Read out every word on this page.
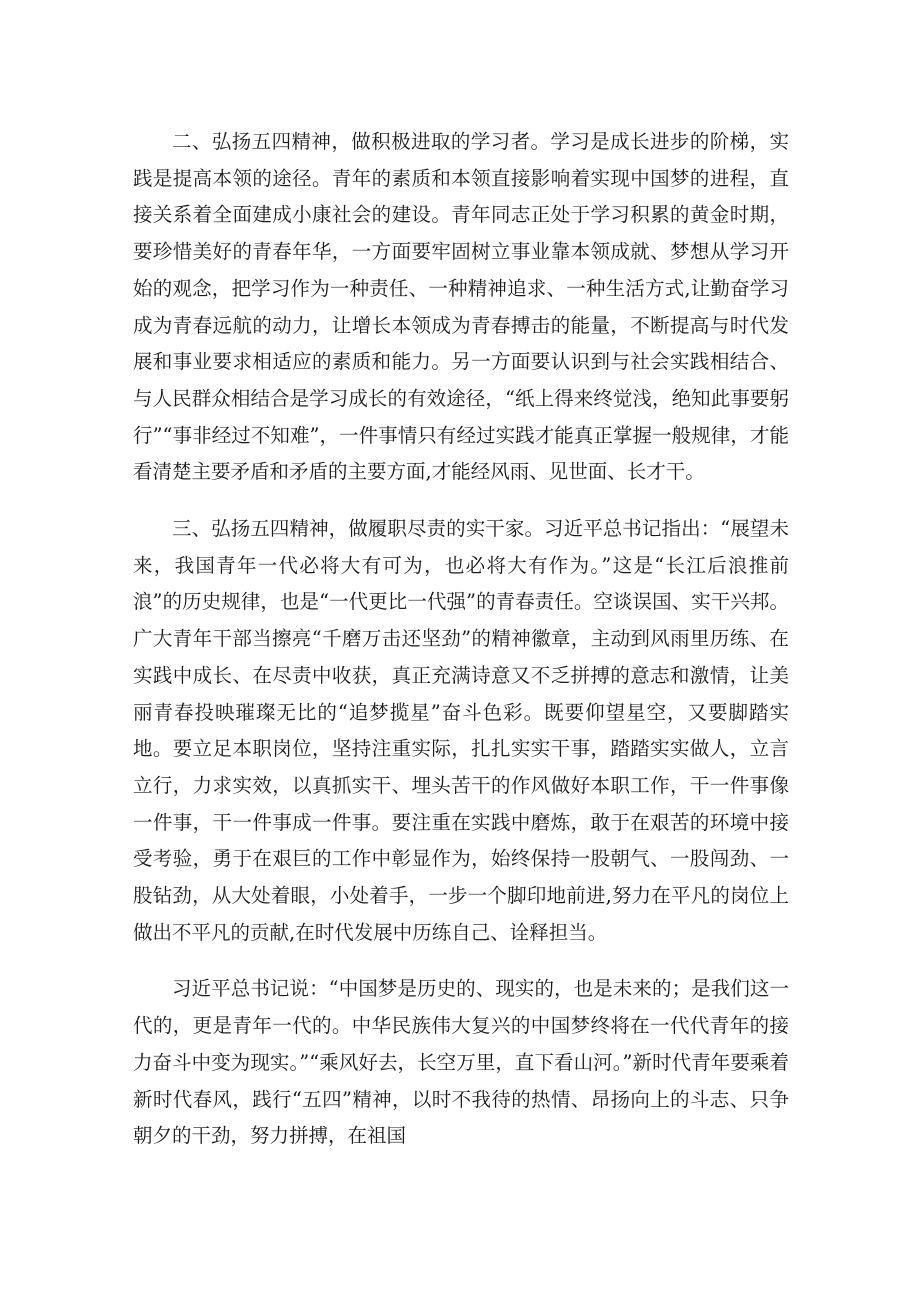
二、弘扬五四精神，做积极进取的学习者。学习是成长进步的阶梯，实践是提高本领的途径。青年的素质和本领直接影响着实现中国梦的进程，直接关系着全面建成小康社会的建设。青年同志正处于学习积累的黄金时期，要珍惜美好的青春年华，一方面要牢固树立事业靠本领成就、梦想从学习开始的观念，把学习作为一种责任、一种精神追求、一种生活方式,让勤奋学习成为青春远航的动力，让增长本领成为青春搏击的能量，不断提高与时代发展和事业要求相适应的素质和能力。另一方面要认识到与社会实践相结合、与人民群众相结合是学习成长的有效途径，“纸上得来终觉浅，绝知此事要躬行”“事非经过不知难”，一件事情只有经过实践才能真正掌握一般规律，才能看清楚主要矛盾和矛盾的主要方面,才能经风雨、见世面、长才干。

三、弘扬五四精神，做履职尽责的实干家。习近平总书记指出：“展望未来，我国青年一代必将大有可为，也必将大有作为。”这是“长江后浪推前浪”的历史规律，也是“一代更比一代强”的青春责任。空谈误国、实干兴邦。广大青年干部当擦亮“千磨万击还坚劲”的精神徽章，主动到风雨里历练、在实践中成长、在尽责中收获，真正充满诗意又不乏拼搏的意志和激情，让美丽青春投映璀璨无比的“追梦揽星”奋斗色彩。既要仰望星空，又要脚踏实地。要立足本职岗位，坚持注重实际，扎扎实实干事，踏踏实实做人，立言立行，力求实效，以真抓实干、埋头苦干的作风做好本职工作，干一件事像一件事，干一件事成一件事。要注重在实践中磨炼，敢于在艰苦的环境中接受考验，勇于在艰巨的工作中彰显作为，始终保持一股朝气、一股闯劲、一股钻劲，从大处着眼，小处着手，一步一个脚印地前进,努力在平凡的岗位上做出不平凡的贡献,在时代发展中历练自己、诠释担当。

习近平总书记说：“中国梦是历史的、现实的，也是未来的；是我们这一代的，更是青年一代的。中华民族伟大复兴的中国梦终将在一代代青年的接力奋斗中变为现实。”“乘风好去，长空万里，直下看山河。”新时代青年要乘着新时代春风，践行“五四”精神，以时不我待的热情、昂扬向上的斗志、只争朝夕的干劲，努力拼搏，在祖国
